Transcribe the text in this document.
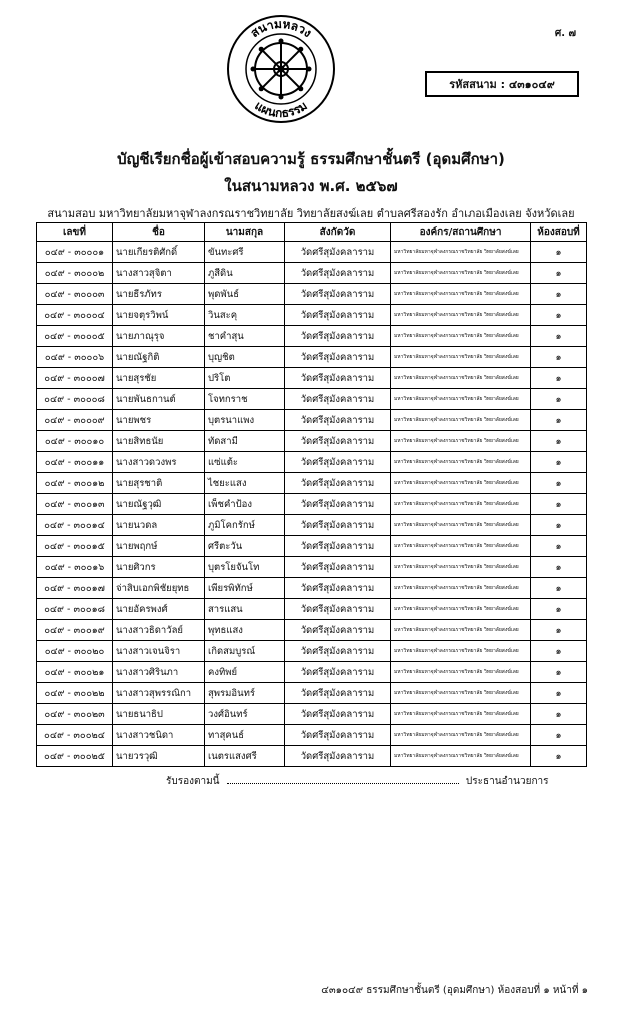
ศ. ๗
สนามหลวง
แผนกธรรม
รหัสสนาม : ๔๓๑๐๔๙
บัญชีเรียกชื่อผู้เข้าสอบความรู้ ธรรมศึกษาชั้นตรี (อุดมศึกษา)
ในสนามหลวง พ.ศ. ๒๕๖๗
สนามสอบ มหาวิทยาลัยมหาจุฬาลงกรณราชวิทยาลัย วิทยาลัยสงฆ์เลย ตำบลศรีสองรัก อำเภอเมืองเลย จังหวัดเลย
เลขที่	ชื่อ	นามสกุล	สังกัดวัด	องค์กร/สถานศึกษา	ห้องสอบที่
๐๔๙ - ๓๐๐๐๑	นายเกียรติศักดิ์	ขันทะศรี	วัดศรีสุมังคลาราม	มหาวิทยาลัยมหาจุฬาลงกรณราชวิทยาลัย วิทยาลัยสงฆ์เลย	๑
๐๔๙ - ๓๐๐๐๒	นางสาวสุจิตา	ภูสีดิน	วัดศรีสุมังคลาราม	มหาวิทยาลัยมหาจุฬาลงกรณราชวิทยาลัย วิทยาลัยสงฆ์เลย	๑
๐๔๙ - ๓๐๐๐๓	นายธีรภัทร	พุดพันธ์	วัดศรีสุมังคลาราม	มหาวิทยาลัยมหาจุฬาลงกรณราชวิทยาลัย วิทยาลัยสงฆ์เลย	๑
๐๔๙ - ๓๐๐๐๔	นายจตุรวิพน์	วินสะคุ	วัดศรีสุมังคลาราม	มหาวิทยาลัยมหาจุฬาลงกรณราชวิทยาลัย วิทยาลัยสงฆ์เลย	๑
๐๔๙ - ๓๐๐๐๕	นายภาณุรุจ	ชาคำสุน	วัดศรีสุมังคลาราม	มหาวิทยาลัยมหาจุฬาลงกรณราชวิทยาลัย วิทยาลัยสงฆ์เลย	๑
๐๔๙ - ๓๐๐๐๖	นายณัฐกิติ	บุญชิต	วัดศรีสุมังคลาราม	มหาวิทยาลัยมหาจุฬาลงกรณราชวิทยาลัย วิทยาลัยสงฆ์เลย	๑
๐๔๙ - ๓๐๐๐๗	นายสุรชัย	ปริโต	วัดศรีสุมังคลาราม	มหาวิทยาลัยมหาจุฬาลงกรณราชวิทยาลัย วิทยาลัยสงฆ์เลย	๑
๐๔๙ - ๓๐๐๐๘	นายพันธกานต์	โจทกราช	วัดศรีสุมังคลาราม	มหาวิทยาลัยมหาจุฬาลงกรณราชวิทยาลัย วิทยาลัยสงฆ์เลย	๑
๐๔๙ - ๓๐๐๐๙	นายพชร	บุตรนาแพง	วัดศรีสุมังคลาราม	มหาวิทยาลัยมหาจุฬาลงกรณราชวิทยาลัย วิทยาลัยสงฆ์เลย	๑
๐๔๙ - ๓๐๐๑๐	นายสิทธนัย	ทัดสามี	วัดศรีสุมังคลาราม	มหาวิทยาลัยมหาจุฬาลงกรณราชวิทยาลัย วิทยาลัยสงฆ์เลย	๑
๐๔๙ - ๓๐๐๑๑	นางสาวดวงพร	แซ่แต้ะ	วัดศรีสุมังคลาราม	มหาวิทยาลัยมหาจุฬาลงกรณราชวิทยาลัย วิทยาลัยสงฆ์เลย	๑
๐๔๙ - ๓๐๐๑๒	นายสุรชาติ	ไชยะแสง	วัดศรีสุมังคลาราม	มหาวิทยาลัยมหาจุฬาลงกรณราชวิทยาลัย วิทยาลัยสงฆ์เลย	๑
๐๔๙ - ๓๐๐๑๓	นายณัฐวุฒิ	เพ็ชคำป้อง	วัดศรีสุมังคลาราม	มหาวิทยาลัยมหาจุฬาลงกรณราชวิทยาลัย วิทยาลัยสงฆ์เลย	๑
๐๔๙ - ๓๐๐๑๔	นายนวดล	ภูมิโคกรักษ์	วัดศรีสุมังคลาราม	มหาวิทยาลัยมหาจุฬาลงกรณราชวิทยาลัย วิทยาลัยสงฆ์เลย	๑
๐๔๙ - ๓๐๐๑๕	นายพฤกษ์	ศรีตะวัน	วัดศรีสุมังคลาราม	มหาวิทยาลัยมหาจุฬาลงกรณราชวิทยาลัย วิทยาลัยสงฆ์เลย	๑
๐๔๙ - ๓๐๐๑๖	นายศิวกร	บุตรโยจันโท	วัดศรีสุมังคลาราม	มหาวิทยาลัยมหาจุฬาลงกรณราชวิทยาลัย วิทยาลัยสงฆ์เลย	๑
๐๔๙ - ๓๐๐๑๗	จ่าสิบเอกพิชัยยุทธ	เพียรพิทักษ์	วัดศรีสุมังคลาราม	มหาวิทยาลัยมหาจุฬาลงกรณราชวิทยาลัย วิทยาลัยสงฆ์เลย	๑
๐๔๙ - ๓๐๐๑๘	นายอัครพงศ์	สารแสน	วัดศรีสุมังคลาราม	มหาวิทยาลัยมหาจุฬาลงกรณราชวิทยาลัย วิทยาลัยสงฆ์เลย	๑
๐๔๙ - ๓๐๐๑๙	นางสาวธิดาวัลย์	พุทธแสง	วัดศรีสุมังคลาราม	มหาวิทยาลัยมหาจุฬาลงกรณราชวิทยาลัย วิทยาลัยสงฆ์เลย	๑
๐๔๙ - ๓๐๐๒๐	นางสาวเจนจิรา	เกิดสมบูรณ์	วัดศรีสุมังคลาราม	มหาวิทยาลัยมหาจุฬาลงกรณราชวิทยาลัย วิทยาลัยสงฆ์เลย	๑
๐๔๙ - ๓๐๐๒๑	นางสาวศิรินภา	คงทิพย์	วัดศรีสุมังคลาราม	มหาวิทยาลัยมหาจุฬาลงกรณราชวิทยาลัย วิทยาลัยสงฆ์เลย	๑
๐๔๙ - ๓๐๐๒๒	นางสาวสุพรรณิกา	สุพรมอินทร์	วัดศรีสุมังคลาราม	มหาวิทยาลัยมหาจุฬาลงกรณราชวิทยาลัย วิทยาลัยสงฆ์เลย	๑
๐๔๙ - ๓๐๐๒๓	นายธนาธิป	วงศ์อินทร์	วัดศรีสุมังคลาราม	มหาวิทยาลัยมหาจุฬาลงกรณราชวิทยาลัย วิทยาลัยสงฆ์เลย	๑
๐๔๙ - ๓๐๐๒๔	นางสาวชนิดา	ทาสุคนธ์	วัดศรีสุมังคลาราม	มหาวิทยาลัยมหาจุฬาลงกรณราชวิทยาลัย วิทยาลัยสงฆ์เลย	๑
๐๔๙ - ๓๐๐๒๕	นายวรวุฒิ	เนตรแสงศรี	วัดศรีสุมังคลาราม	มหาวิทยาลัยมหาจุฬาลงกรณราชวิทยาลัย วิทยาลัยสงฆ์เลย	๑
รับรองตามนี้	ประธานอำนวยการ
๔๓๑๐๔๙ ธรรมศึกษาชั้นตรี (อุดมศึกษา) ห้องสอบที่ ๑ หน้าที่ ๑
